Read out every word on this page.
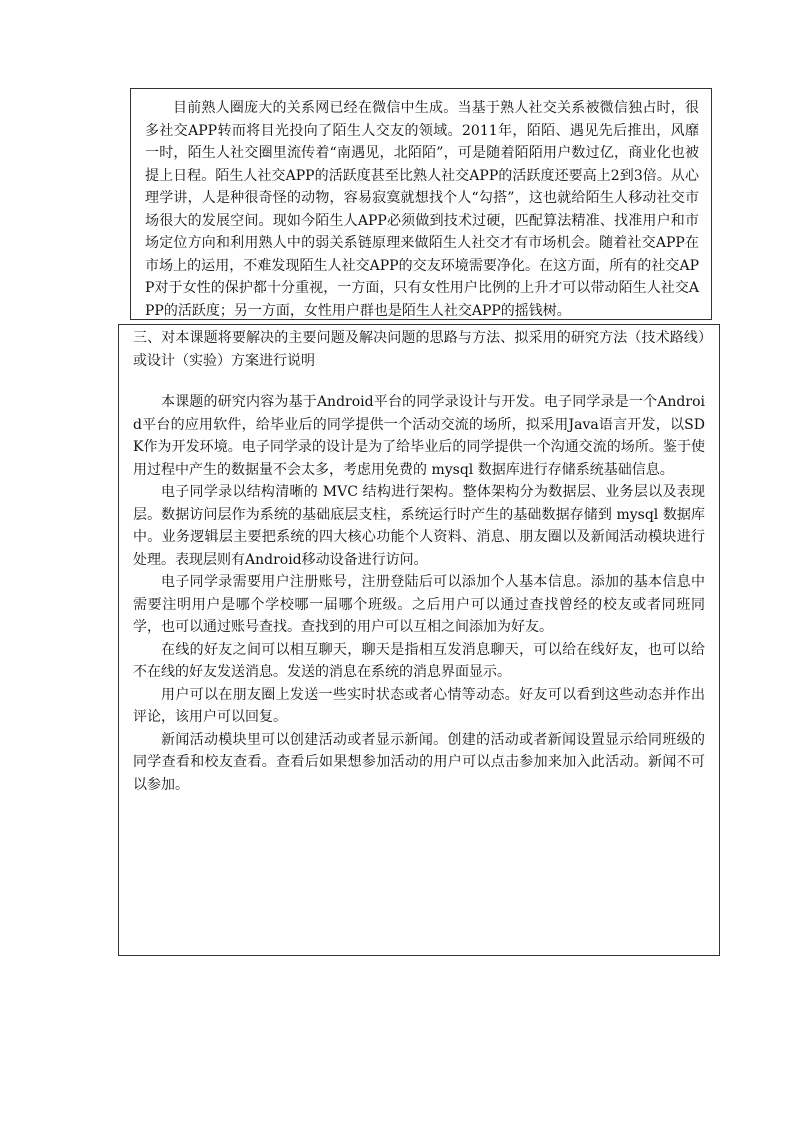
目前熟人圈庞大的关系网已经在微信中生成。当基于熟人社交关系被微信独占时，很多社交APP转而将目光投向了陌生人交友的领域。2011年，陌陌、遇见先后推出，风靡一时，陌生人社交圈里流传着“南遇见，北陌陌”，可是随着陌陌用户数过亿，商业化也被提上日程。陌生人社交APP的活跃度甚至比熟人社交APP的活跃度还要高上2到3倍。从心理学讲，人是种很奇怪的动物，容易寂寞就想找个人“勾搭”，这也就给陌生人移动社交市场很大的发展空间。现如今陌生人APP必须做到技术过硬，匹配算法精准、找准用户和市场定位方向和利用熟人中的弱关系链原理来做陌生人社交才有市场机会。随着社交APP在市场上的运用，不难发现陌生人社交APP的交友环境需要净化。在这方面，所有的社交APP对于女性的保护都十分重视，一方面，只有女性用户比例的上升才可以带动陌生人社交APP的活跃度；另一方面，女性用户群也是陌生人社交APP的摇钱树。

三、对本课题将要解决的主要问题及解决问题的思路与方法、拟采用的研究方法（技术路线）或设计（实验）方案进行说明

本课题的研究内容为基于Android平台的同学录设计与开发。电子同学录是一个Android平台的应用软件，给毕业后的同学提供一个活动交流的场所，拟采用Java语言开发，以SDK作为开发环境。电子同学录的设计是为了给毕业后的同学提供一个沟通交流的场所。鉴于使用过程中产生的数据量不会太多，考虑用免费的 mysql 数据库进行存储系统基础信息。

电子同学录以结构清晰的 MVC 结构进行架构。整体架构分为数据层、业务层以及表现层。数据访问层作为系统的基础底层支柱，系统运行时产生的基础数据存储到 mysql 数据库中。业务逻辑层主要把系统的四大核心功能个人资料、消息、朋友圈以及新闻活动模块进行处理。表现层则有Android移动设备进行访问。

电子同学录需要用户注册账号，注册登陆后可以添加个人基本信息。添加的基本信息中需要注明用户是哪个学校哪一届哪个班级。之后用户可以通过查找曾经的校友或者同班同学，也可以通过账号查找。查找到的用户可以互相之间添加为好友。

在线的好友之间可以相互聊天，聊天是指相互发消息聊天，可以给在线好友，也可以给不在线的好友发送消息。发送的消息在系统的消息界面显示。

用户可以在朋友圈上发送一些实时状态或者心情等动态。好友可以看到这些动态并作出评论，该用户可以回复。

新闻活动模块里可以创建活动或者显示新闻。创建的活动或者新闻设置显示给同班级的同学查看和校友查看。查看后如果想参加活动的用户可以点击参加来加入此活动。新闻不可以参加。
